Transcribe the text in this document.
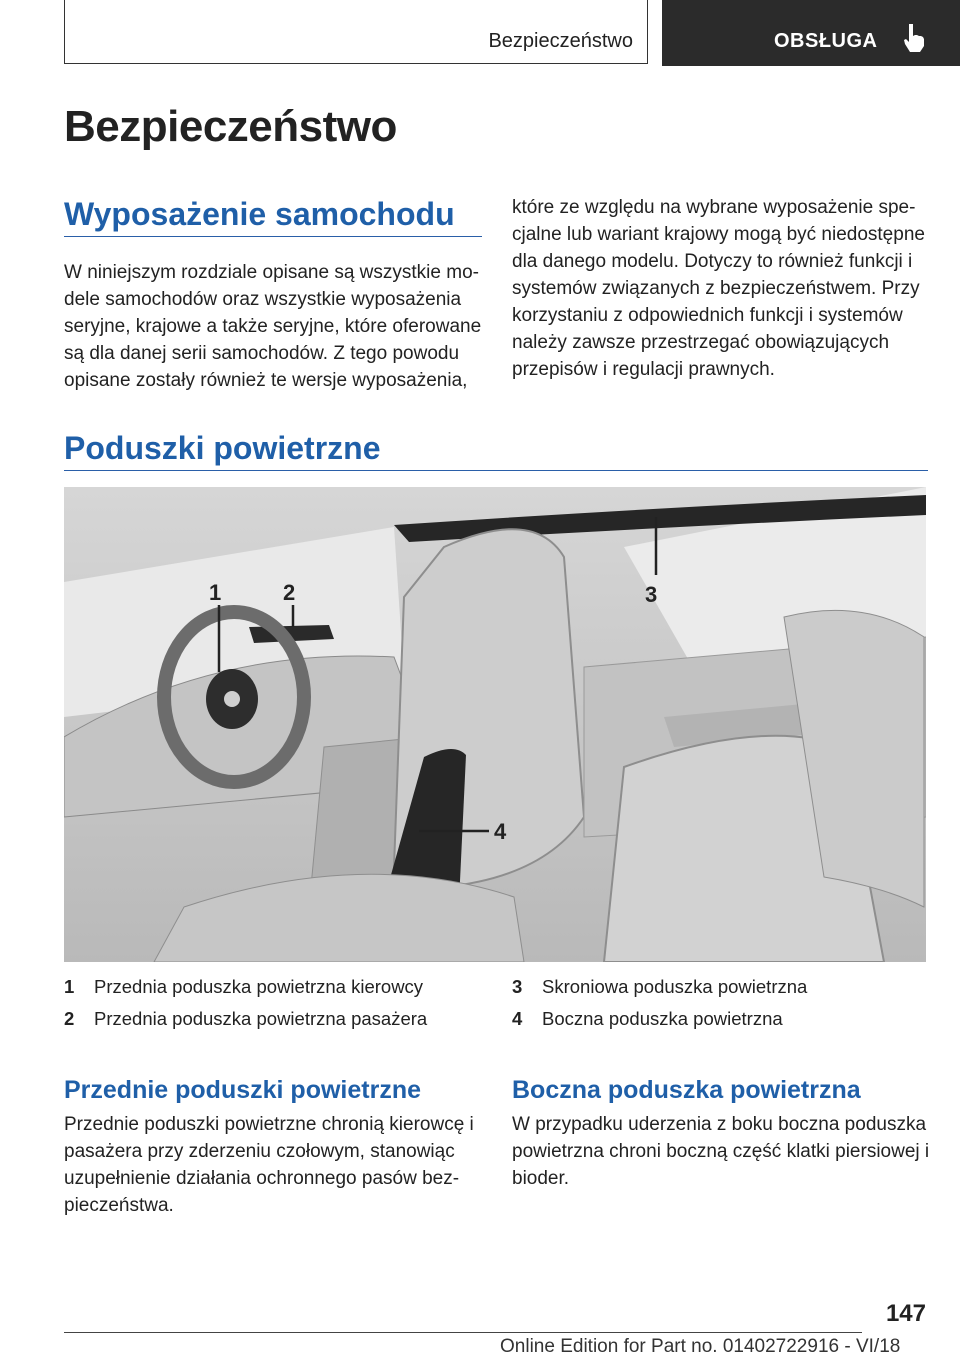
Bezpieczeństwo	OBSŁUGA
Bezpieczeństwo
Wyposażenie samochodu

W niniejszym rozdziale opisane są wszystkie modele samochodów oraz wszystkie wyposażenia seryjne, krajowe a także seryjne, które oferowane są dla danej serii samochodów. Z tego powodu opisane zostały również te wersje wyposażenia,

które ze względu na wybrane wyposażenie specjalne lub wariant krajowy mogą być niedostępne dla danego modelu. Dotyczy to również funkcji i systemów związanych z bezpieczeństwem. Przy korzystaniu z odpowiednich funkcji i systemów należy zawsze przestrzegać obowiązujących przepisów i regulacji prawnych.

Poduszki powietrzne
1	2	3
4
1 Przednia poduszka powietrzna kierowcy
2 Przednia poduszka powietrzna pasażera
3 Skroniowa poduszka powietrzna
4 Boczna poduszka powietrzna
Przednie poduszki powietrzne

Przednie poduszki powietrzne chronią kierowcę i pasażera przy zderzeniu czołowym, stanowiąc uzupełnienie działania ochronnego pasów bezpieczeństwa.

Boczna poduszka powietrzna

W przypadku uderzenia z boku boczna poduszka powietrzna chroni boczną część klatki piersiowej i bioder.

147
Online Edition for Part no. 01402722916 - VI/18
